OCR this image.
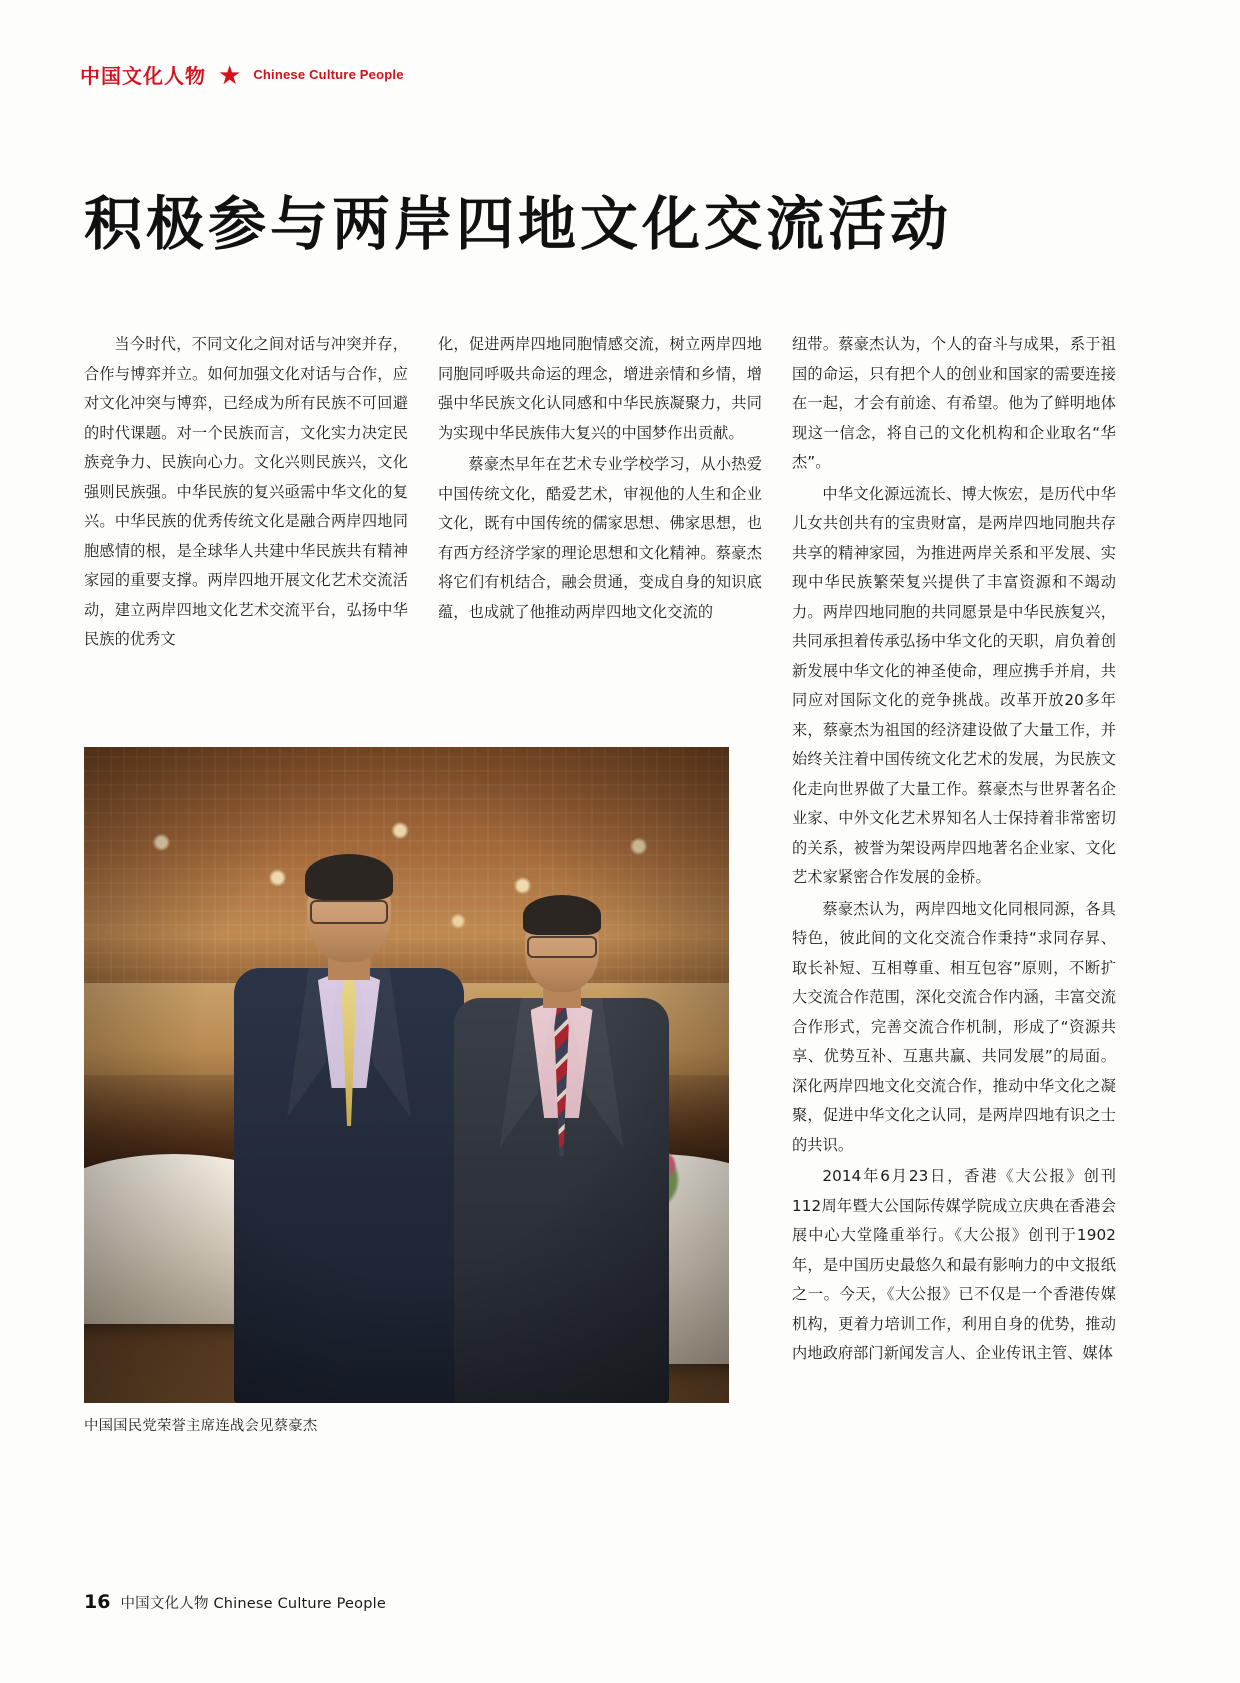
中国文化人物 ★ Chinese Culture People
积极参与两岸四地文化交流活动

当今时代，不同文化之间对话与冲突并存，合作与博弈并立。如何加强文化对话与合作，应对文化冲突与博弈，已经成为所有民族不可回避的时代课题。对一个民族而言，文化实力决定民族竞争力、民族向心力。文化兴则民族兴，文化强则民族强。中华民族的复兴亟需中华文化的复兴。中华民族的优秀传统文化是融合两岸四地同胞感情的根，是全球华人共建中华民族共有精神家园的重要支撑。两岸四地开展文化艺术交流活动，建立两岸四地文化艺术交流平台，弘扬中华民族的优秀文

化，促进两岸四地同胞情感交流，树立两岸四地同胞同呼吸共命运的理念，增进亲情和乡情，增强中华民族文化认同感和中华民族凝聚力，共同为实现中华民族伟大复兴的中国梦作出贡献。

蔡豪杰早年在艺术专业学校学习，从小热爱中国传统文化，酷爱艺术，审视他的人生和企业文化，既有中国传统的儒家思想、佛家思想，也有西方经济学家的理论思想和文化精神。蔡豪杰将它们有机结合，融会贯通，变成自身的知识底蕴，也成就了他推动两岸四地文化交流的

纽带。蔡豪杰认为，个人的奋斗与成果，系于祖国的命运，只有把个人的创业和国家的需要连接在一起，才会有前途、有希望。他为了鲜明地体现这一信念，将自己的文化机构和企业取名“华杰”。

中华文化源远流长、博大恢宏，是历代中华儿女共创共有的宝贵财富，是两岸四地同胞共存共享的精神家园，为推进两岸关系和平发展、实现中华民族繁荣复兴提供了丰富资源和不竭动力。两岸四地同胞的共同愿景是中华民族复兴，共同承担着传承弘扬中华文化的天职，肩负着创新发展中华文化的神圣使命，理应携手并肩，共同应对国际文化的竞争挑战。改革开放20多年来，蔡豪杰为祖国的经济建设做了大量工作，并始终关注着中国传统文化艺术的发展，为民族文化走向世界做了大量工作。蔡豪杰与世界著名企业家、中外文化艺术界知名人士保持着非常密切的关系，被誉为架设两岸四地著名企业家、文化艺术家紧密合作发展的金桥。

蔡豪杰认为，两岸四地文化同根同源，各具特色，彼此间的文化交流合作秉持“求同存昇、取长补短、互相尊重、相互包容”原则，不断扩大交流合作范围，深化交流合作内涵，丰富交流合作形式，完善交流合作机制，形成了“资源共享、优势互补、互惠共赢、共同发展”的局面。深化两岸四地文化交流合作，推动中华文化之凝聚，促进中华文化之认同，是两岸四地有识之士的共识。

2014年6月23日，香港《大公报》创刊112周年暨大公国际传媒学院成立庆典在香港会展中心大堂隆重举行。《大公报》创刊于1902年，是中国历史最悠久和最有影响力的中文报纸之一。今天，《大公报》已不仅是一个香港传媒机构，更着力培训工作，利用自身的优势，推动内地政府部门新闻发言人、企业传讯主管、媒体

中国国民党荣誉主席连战会见蔡豪杰
16 中国文化人物 Chinese Culture People
